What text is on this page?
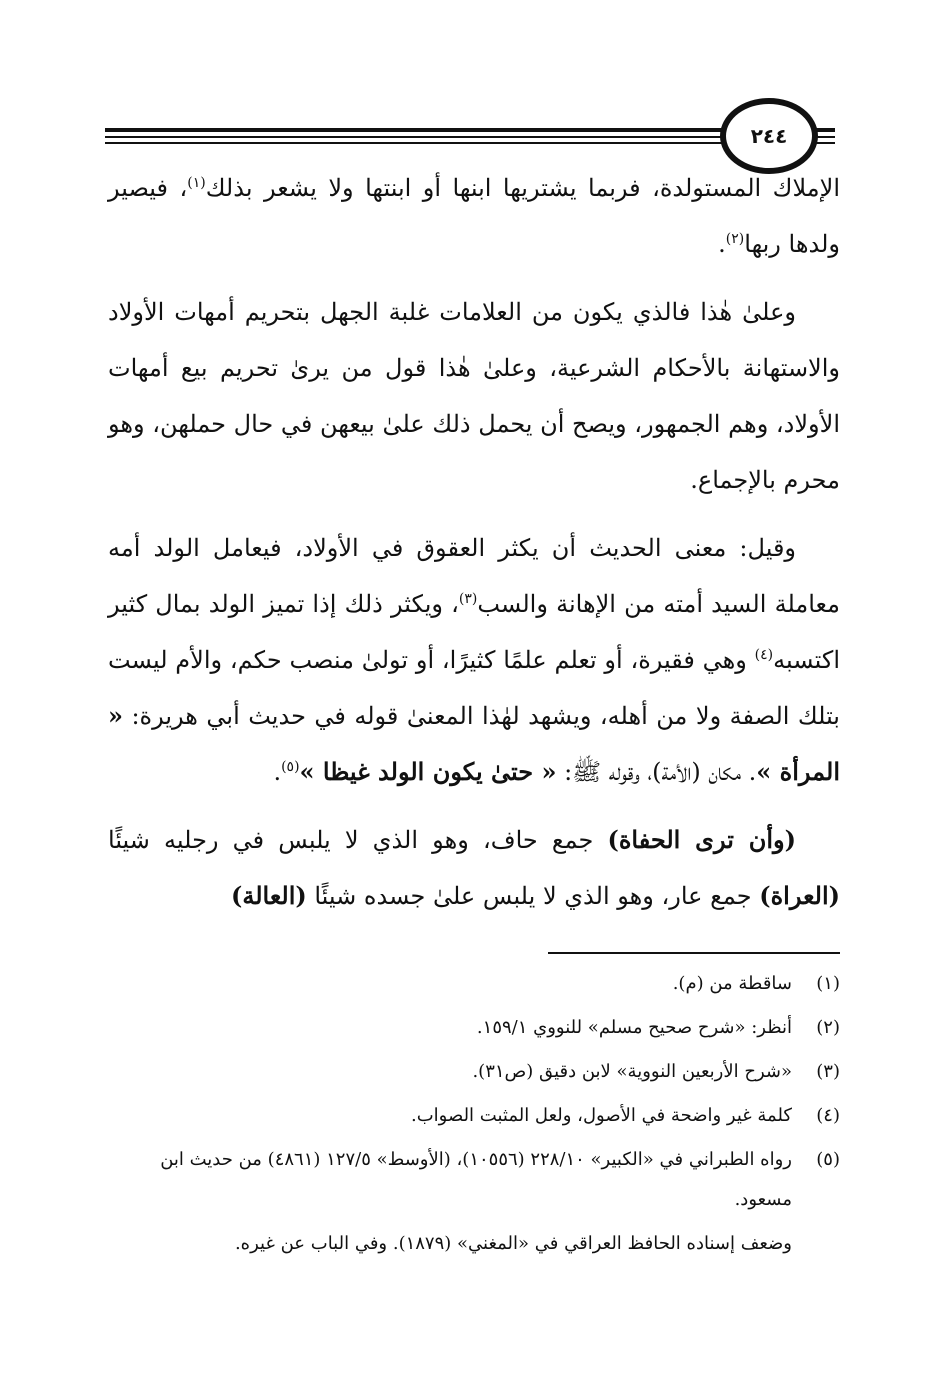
٢٤٤

الإملاك المستولدة، فربما يشتريها ابنها أو ابنتها ولا يشعر بذلك$^{(١)}$، فيصير ولدها ربها$^{(٢)}$.

وعلىٰ هٰذا فالذي يكون من العلامات غلبة الجهل بتحريم أمهات الأولاد والاستهانة بالأحكام الشرعية، وعلىٰ هٰذا قول من يرىٰ تحريم بيع أمهات الأولاد، وهم الجمهور، ويصح أن يحمل ذلك علىٰ بيعهن في حال حملهن، وهو محرم بالإجماع.

وقيل: معنى الحديث أن يكثر العقوق في الأولاد، فيعامل الولد أمه معاملة السيد أمته من الإهانة والسب$^{(٣)}$، ويكثر ذلك إذا تميز الولد بمال كثير اكتسبه$^{(٤)}$ وهي فقيرة، أو تعلم علمًا كثيرًا، أو تولىٰ منصب حكم، والأم ليست بتلك الصفة ولا من أهله، ويشهد لهٰذا المعنىٰ قوله في حديث أبي هريرة: « المرأة ». مكان (الأمة)، وقوله ﷺ: « حتىٰ يكون الولد غيظا »$^{(٥)}$.

(وأن ترى الحفاة) جمع حاف، وهو الذي لا يلبس في رجليه شيئًا (العراة) جمع عار، وهو الذي لا يلبس علىٰ جسده شيئًا (العالة)

(١)
ساقطة من (م).
(٢)
أنظر: «شرح صحيح مسلم» للنووي ١٥٩/١.
(٣)
«شرح الأربعين النووية» لابن دقيق (ص٣١).
(٤)
كلمة غير واضحة في الأصول، ولعل المثبت الصواب.
(٥)
رواه الطبراني في «الكبير» ٢٢٨/١٠ (١٠٥٥٦)، (الأوسط» ١٢٧/٥ (٤٨٦١) من حديث ابن مسعود.
وضعف إسناده الحافظ العراقي في «المغني» (١٨٧٩). وفي الباب عن غيره.
